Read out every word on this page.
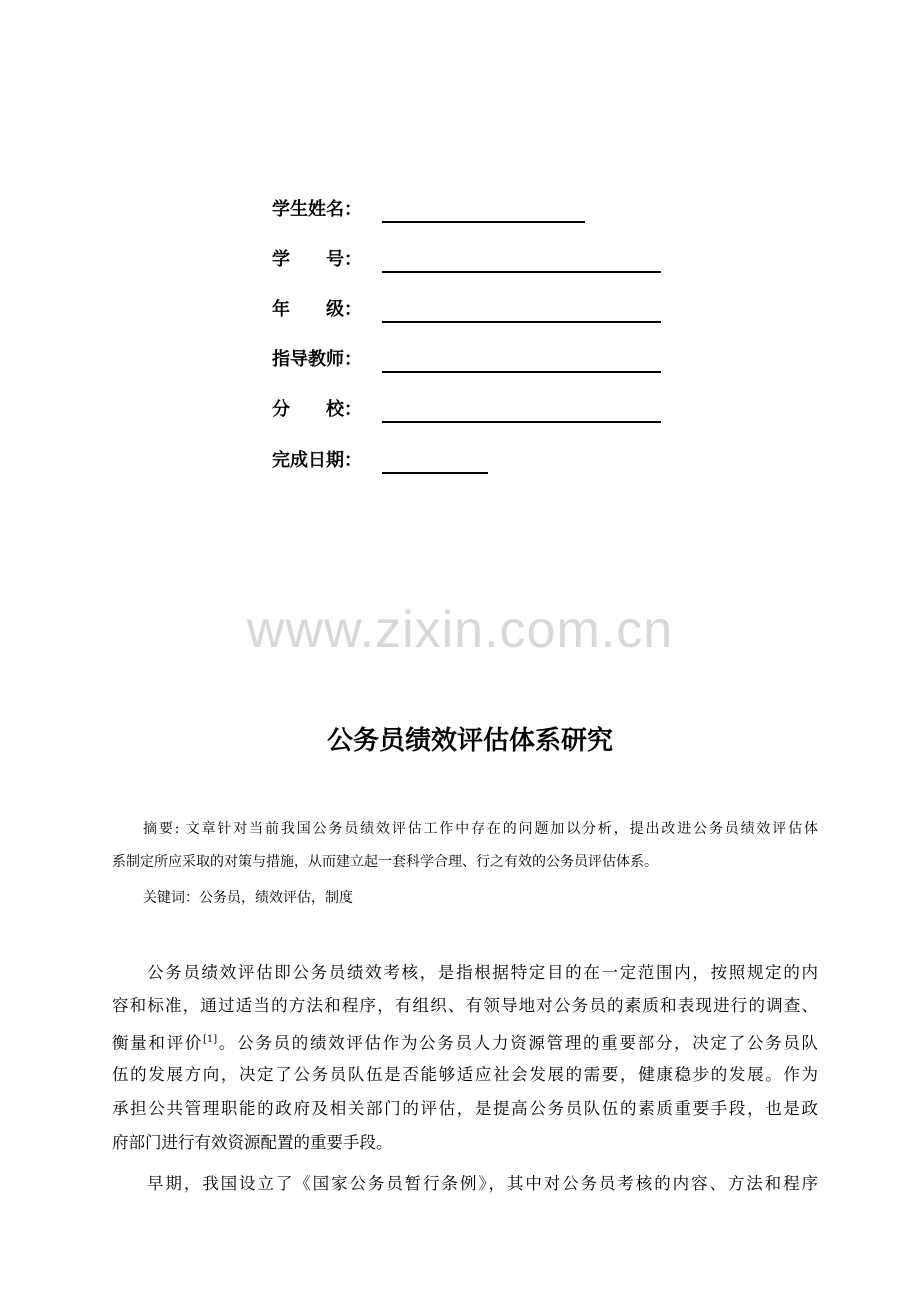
学生姓名：
学　　号：
年　　级：
指导教师：
分　　校：
完成日期：
www.zixin.com.cn
公务员绩效评估体系研究
摘要: 文章针对当前我国公务员绩效评估工作中存在的问题加以分析，提出改进公务员绩效评估体
系制定所应采取的对策与措施，从而建立起一套科学合理、行之有效的公务员评估体系。
关键词：公务员，绩效评估，制度
公务员绩效评估即公务员绩效考核，是指根据特定目的在一定范围内，按照规定的内
容和标准，通过适当的方法和程序，有组织、有领导地对公务员的素质和表现进行的调查、
衡量和评价[1]。公务员的绩效评估作为公务员人力资源管理的重要部分，决定了公务员队
伍的发展方向，决定了公务员队伍是否能够适应社会发展的需要，健康稳步的发展。作为
承担公共管理职能的政府及相关部门的评估，是提高公务员队伍的素质重要手段，也是政
府部门进行有效资源配置的重要手段。
早期，我国设立了《国家公务员暂行条例》，其中对公务员考核的内容、方法和程序
